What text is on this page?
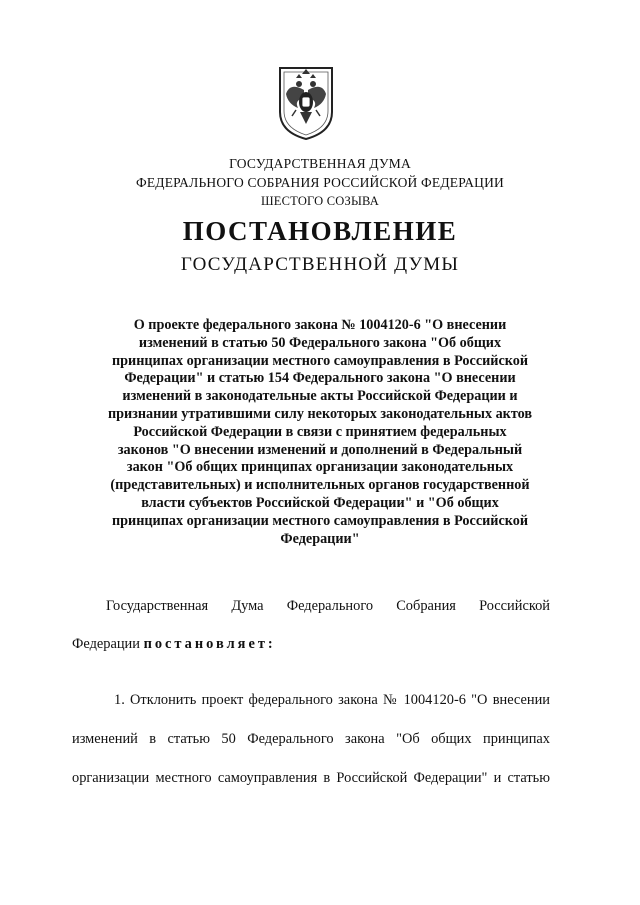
ГОСУДАРСТВЕННАЯ ДУМА
ФЕДЕРАЛЬНОГО СОБРАНИЯ РОССИЙСКОЙ ФЕДЕРАЦИИ
ШЕСТОГО СОЗЫВА
ПОСТАНОВЛЕНИЕ
ГОСУДАРСТВЕННОЙ ДУМЫ
О проекте федерального закона № 1004120-6 "О внесении
изменений в статью 50 Федерального закона "Об общих
принципах организации местного самоуправления в Российской
Федерации" и статью 154 Федерального закона "О внесении
изменений в законодательные акты Российской Федерации и
признании утратившими силу некоторых законодательных актов
Российской Федерации в связи с принятием федеральных
законов "О внесении изменений и дополнений в Федеральный
закон "Об общих принципах организации законодательных
(представительных) и исполнительных органов государственной
власти субъектов Российской Федерации" и "Об общих
принципах организации местного самоуправления в Российской
Федерации"
Государственная Дума Федерального Собрания Российской
Федерации постановляет:
1. Отклонить проект федерального закона № 1004120-6 "О внесении
изменений в статью 50 Федерального закона "Об общих принципах
организации местного самоуправления в Российской Федерации" и статью
